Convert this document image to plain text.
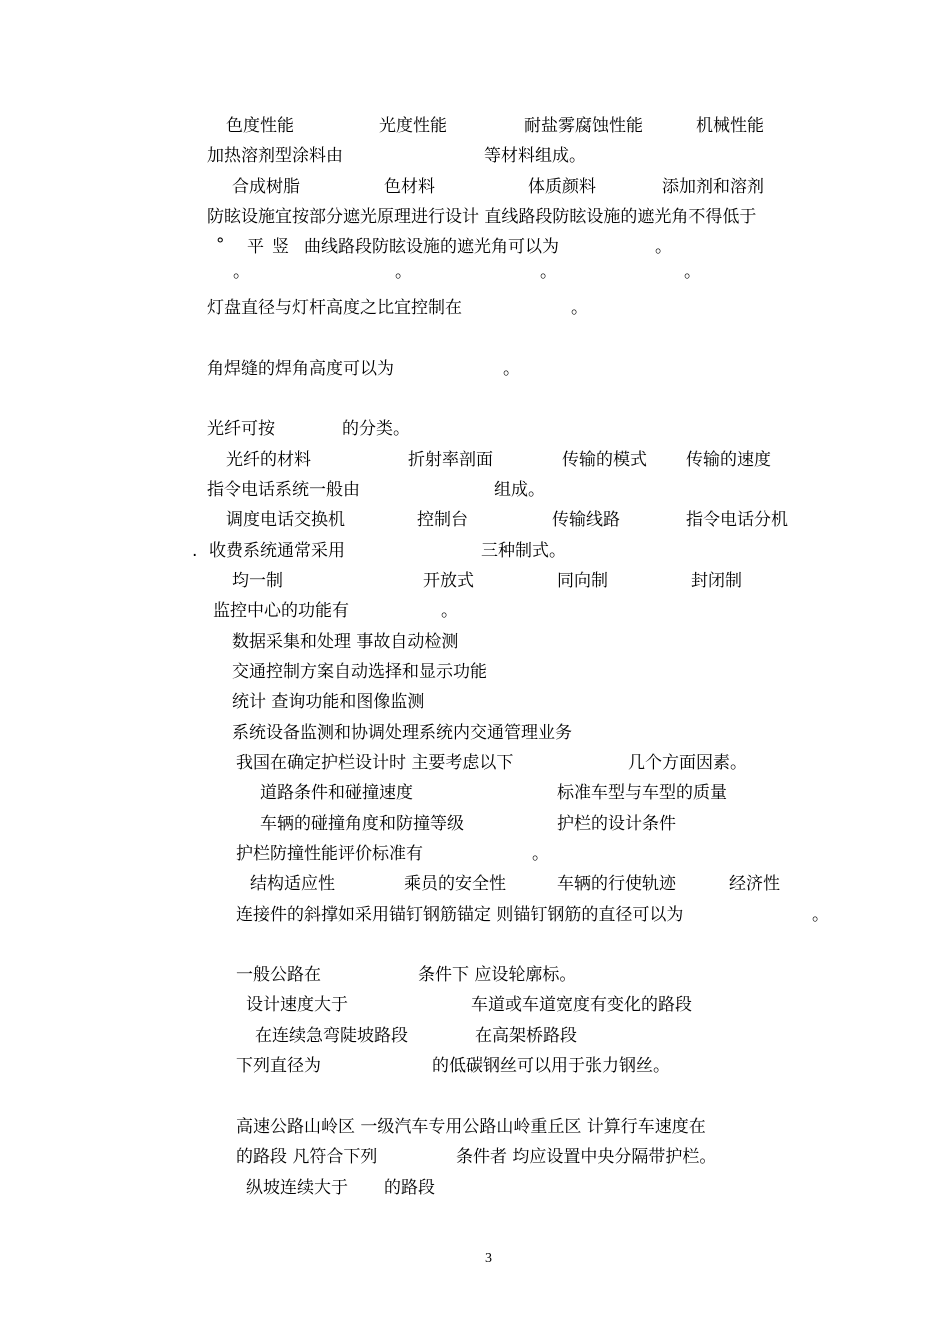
色度性能	光度性能	耐盐雾腐蚀性能	机械性能
加热溶剂型涂料由	等材料组成。
合成树脂	色材料	体质颜料	添加剂和溶剂
防眩设施宜按部分遮光原理进行设计 直线路段防眩设施的遮光角不得低于
° 平 竖 曲线路段防眩设施的遮光角可以为	。
。	。	。	。
灯盘直径与灯杆高度之比宜控制在	。
角焊缝的焊角高度可以为	。
光纤可按	的分类。
光纤的材料	折射率剖面	传输的模式 传输的速度
指令电话系统一般由	组成。
调度电话交换机	控制台	传输线路	指令电话分机
. 收费系统通常采用	三种制式。
均一制	开放式	同向制	封闭制
监控中心的功能有	。
数据采集和处理 事故自动检测
交通控制方案自动选择和显示功能
统计 查询功能和图像监测
系统设备监测和协调处理系统内交通管理业务
我国在确定护栏设计时 主要考虑以下	几个方面因素。
道路条件和碰撞速度	标准车型与车型的质量
车辆的碰撞角度和防撞等级	护栏的设计条件
护栏防撞性能评价标准有	。
结构适应性	乘员的安全性	车辆的行使轨迹	经济性
连接件的斜撑如采用锚钉钢筋锚定 则锚钉钢筋的直径可以为	。
一般公路在	条件下 应设轮廓标。
设计速度大于	车道或车道宽度有变化的路段
在连续急弯陡坡路段	在高架桥路段
下列直径为	的低碳钢丝可以用于张力钢丝。
高速公路山岭区 一级汽车专用公路山岭重丘区 计算行车速度在
的路段 凡符合下列	条件者 均应设置中央分隔带护栏。
纵坡连续大于 的路段
3
